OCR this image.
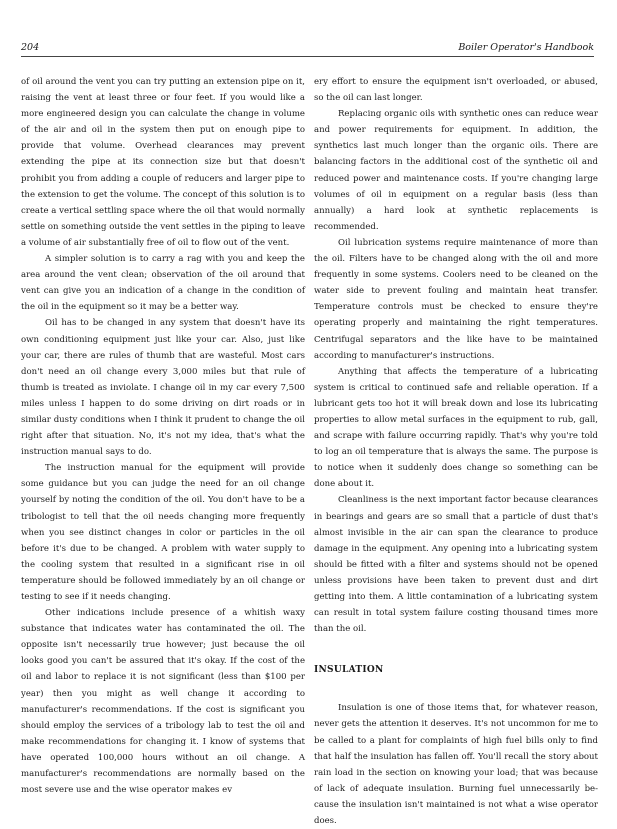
204	Boiler Operator's Handbook

of oil around the vent you can try putting an extension pipe on it, raising the vent at least three or four feet. If you would like a more engineered design you can calculate the change in volume of the air and oil in the system then put on enough pipe to provide that volume. Overhead clearances may prevent extending the pipe at its connection size but that doesn't prohibit you from adding a couple of reducers and larger pipe to the extension to get the volume. The concept of this solution is to create a vertical settling space where the oil that would normally settle on something outside the vent settles in the piping to leave a volume of air substantially free of oil to flow out of the vent.

A simpler solution is to carry a rag with you and keep the area around the vent clean; observation of the oil around that vent can give you an indication of a change in the condition of the oil in the equipment so it may be a better way.

Oil has to be changed in any system that doesn't have its own conditioning equipment just like your car. Also, just like your car, there are rules of thumb that are wasteful. Most cars don't need an oil change every 3,000 miles but that rule of thumb is treated as inviolate. I change oil in my car every 7,500 miles unless I happen to do some driving on dirt roads or in similar dusty conditions when I think it prudent to change the oil right after that situation. No, it's not my idea, that's what the instruction manual says to do.

The instruction manual for the equipment will provide some guidance but you can judge the need for an oil change yourself by noting the condition of the oil. You don't have to be a tribologist to tell that the oil needs changing more frequently when you see distinct changes in color or particles in the oil before it's due to be changed. A problem with water supply to the cooling system that resulted in a significant rise in oil temperature should be followed immediately by an oil change or testing to see if it needs changing.

Other indications include presence of a whitish waxy substance that indicates water has contaminated the oil. The opposite isn't necessarily true however; just because the oil looks good you can't be assured that it's okay. If the cost of the oil and labor to replace it is not significant (less than $100 per year) then you might as well change it according to manufacturer's recommendations. If the cost is significant you should employ the services of a tribology lab to test the oil and make recommendations for changing it. I know of systems that have operated 100,000 hours without an oil change. A manufacturer's recommendations are normally based on the most severe use and the wise operator makes ev

ery effort to ensure the equipment isn't overloaded, or abused, so the oil can last longer.

Replacing organic oils with synthetic ones can reduce wear and power requirements for equipment. In addition, the synthetics last much longer than the organic oils. There are balancing factors in the additional cost of the synthetic oil and reduced power and maintenance costs. If you're changing large volumes of oil in equipment on a regular basis (less than annually) a hard look at synthetic replacements is recommended.

Oil lubrication systems require maintenance of more than the oil. Filters have to be changed along with the oil and more frequently in some systems. Coolers need to be cleaned on the water side to prevent fouling and maintain heat transfer. Temperature controls must be checked to ensure they're operating properly and maintaining the right temperatures. Centrifugal separators and the like have to be maintained according to manufacturer's instructions.

Anything that affects the temperature of a lubricating system is critical to continued safe and reliable operation. If a lubricant gets too hot it will break down and lose its lubricating properties to allow metal surfaces in the equipment to rub, gall, and scrape with failure occurring rapidly. That's why you're told to log an oil temperature that is always the same. The purpose is to notice when it suddenly does change so something can be done about it.

Cleanliness is the next important factor because clearances in bearings and gears are so small that a particle of dust that's almost invisible in the air can span the clearance to produce damage in the equipment. Any opening into a lubricating system should be fitted with a filter and systems should not be opened unless provisions have been taken to prevent dust and dirt getting into them. A little contamination of a lubricating system can result in total system failure costing thousand times more than the oil.

INSULATION

Insulation is one of those items that, for whatever reason, never gets the attention it deserves. It's not uncommon for me to be called to a plant for complaints of high fuel bills only to find that half the insulation has fallen off. You'll recall the story about rain load in the section on knowing your load; that was because of lack of adequate insulation. Burning fuel unnecessarily because the insulation isn't maintained is not what a wise operator does.
